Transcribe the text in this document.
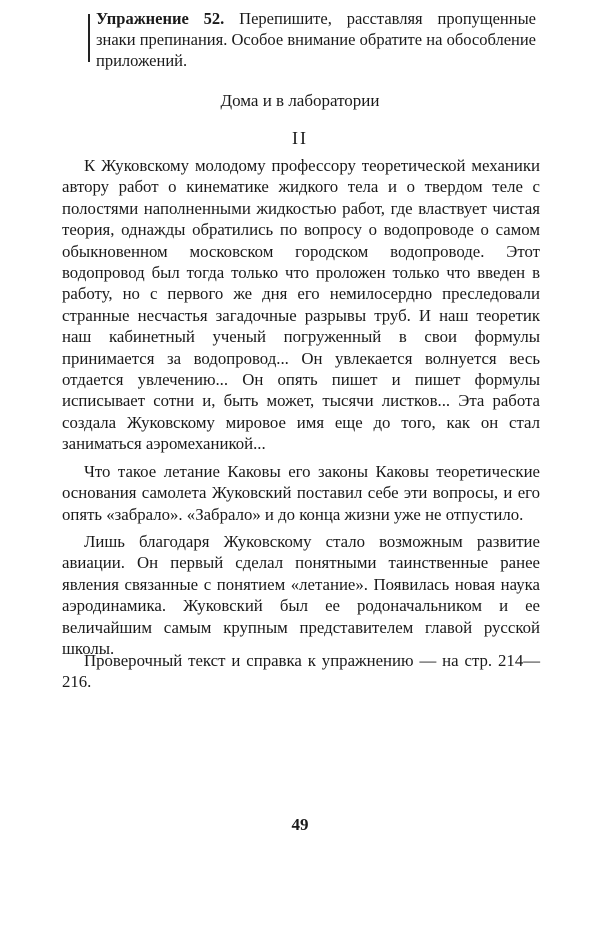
Упражнение 52. Перепишите, расставляя пропущенные знаки препинания. Особое внимание обратите на обособление приложений.
Дома и в лаборатории
II

К Жуковскому молодому профессору теоретической механики автору работ о кинематике жидкого тела и о твердом теле с полостями наполненными жидкостью работ, где властвует чистая теория, однажды обратились по вопросу о водопроводе о самом обыкновенном московском городском водопроводе. Этот водопровод был тогда только что проложен только что введен в работу, но с первого же дня его немилосердно преследовали странные несчастья загадочные разрывы труб. И наш теоретик наш кабинетный ученый погруженный в свои формулы принимается за водопровод... Он увлекается волнуется весь отдается увлечению... Он опять пишет и пишет формулы исписывает сотни и, быть может, тысячи листков... Эта работа создала Жуковскому мировое имя еще до того, как он стал заниматься аэромеханикой...

Что такое летание Каковы его законы Каковы теоретические основания самолета Жуковский поставил себе эти вопросы, и его опять «забрало». «Забрало» и до конца жизни уже не отпустило.

Лишь благодаря Жуковскому стало возможным развитие авиации. Он первый сделал понятными таинственные ранее явления связанные с понятием «летание». Появилась новая наука аэродинамика. Жуковский был ее родоначальником и ее величайшим самым крупным представителем главой русской школы.

Проверочный текст и справка к упражнению — на стр. 214—216.
49
